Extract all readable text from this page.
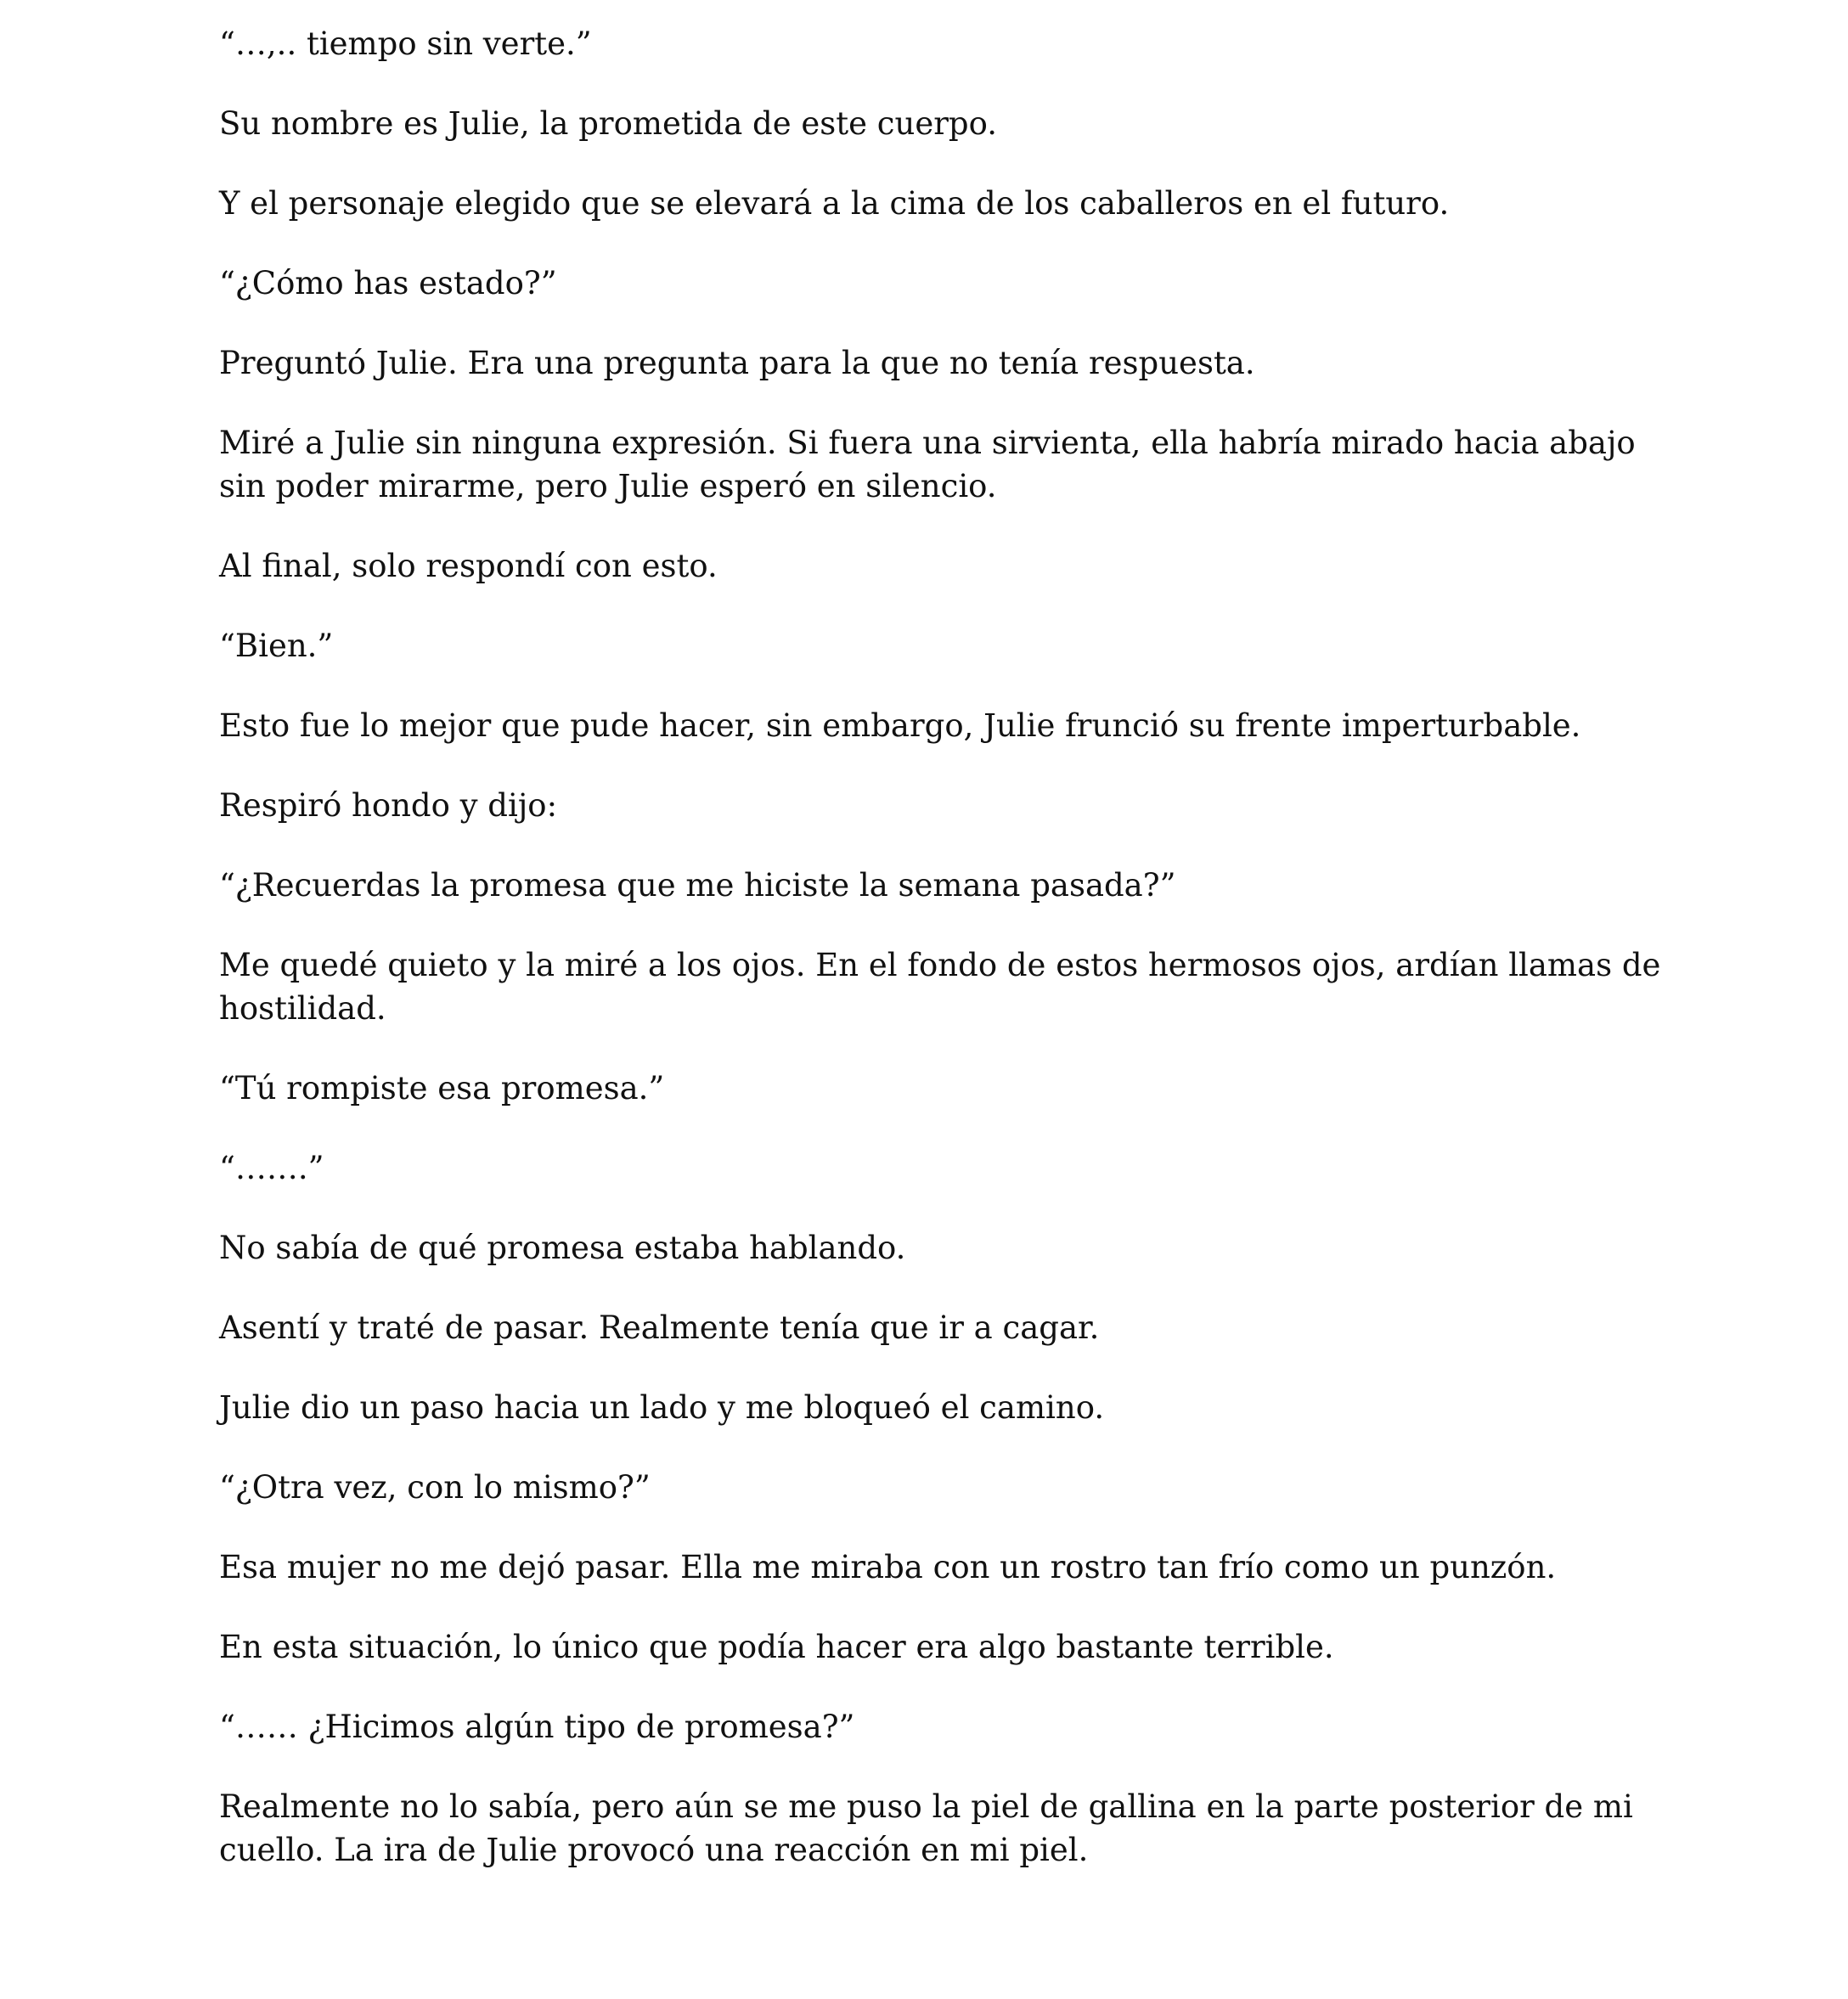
“…,.. tiempo sin verte.”

Su nombre es Julie, la prometida de este cuerpo.

Y el personaje elegido que se elevará a la cima de los caballeros en el futuro.

“¿Cómo has estado?”

Preguntó Julie. Era una pregunta para la que no tenía respuesta.

Miré a Julie sin ninguna expresión. Si fuera una sirvienta, ella habría mirado hacia abajo sin poder mirarme, pero Julie esperó en silencio.

Al final, solo respondí con esto.

“Bien.”

Esto fue lo mejor que pude hacer, sin embargo, Julie frunció su frente imperturbable.

Respiró hondo y dijo:

“¿Recuerdas la promesa que me hiciste la semana pasada?”

Me quedé quieto y la miré a los ojos. En el fondo de estos hermosos ojos, ardían llamas de hostilidad.

“Tú rompiste esa promesa.”

“…….”

No sabía de qué promesa estaba hablando.

Asentí y traté de pasar. Realmente tenía que ir a cagar.

Julie dio un paso hacia un lado y me bloqueó el camino.

“¿Otra vez, con lo mismo?”

Esa mujer no me dejó pasar. Ella me miraba con un rostro tan frío como un punzón.

En esta situación, lo único que podía hacer era algo bastante terrible.

“…… ¿Hicimos algún tipo de promesa?”

Realmente no lo sabía, pero aún se me puso la piel de gallina en la parte posterior de mi cuello. La ira de Julie provocó una reacción en mi piel.
